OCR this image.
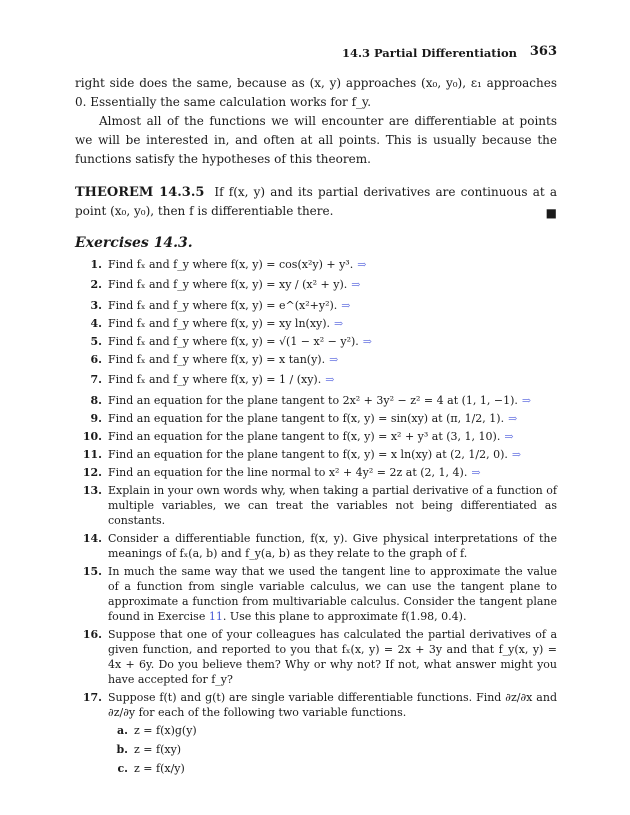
14.3 Partial Differentiation 363

right side does the same, because as (x, y) approaches (x₀, y₀), ε₁ approaches 0. Essentially the same calculation works for f_y.

Almost all of the functions we will encounter are differentiable at points we will be interested in, and often at all points. This is usually because the functions satisfy the hypotheses of this theorem.

THEOREM 14.3.5 If f(x, y) and its partial derivatives are continuous at a point (x₀, y₀), then f is differentiable there.	■
Exercises 14.3.
1. Find fₓ and f_y where f(x, y) = cos(x²y) + y³. ⇒
2. Find fₓ and f_y where f(x, y) = xy / (x² + y). ⇒
3. Find fₓ and f_y where f(x, y) = e^(x²+y²). ⇒
4. Find fₓ and f_y where f(x, y) = xy ln(xy). ⇒
5. Find fₓ and f_y where f(x, y) = √(1 − x² − y²). ⇒
6. Find fₓ and f_y where f(x, y) = x tan(y). ⇒
7. Find fₓ and f_y where f(x, y) = 1 / (xy). ⇒
8. Find an equation for the plane tangent to 2x² + 3y² − z² = 4 at (1, 1, −1). ⇒
9. Find an equation for the plane tangent to f(x, y) = sin(xy) at (π, 1/2, 1). ⇒
10. Find an equation for the plane tangent to f(x, y) = x² + y³ at (3, 1, 10). ⇒
11. Find an equation for the plane tangent to f(x, y) = x ln(xy) at (2, 1/2, 0). ⇒
12. Find an equation for the line normal to x² + 4y² = 2z at (2, 1, 4). ⇒
13. Explain in your own words why, when taking a partial derivative of a function of multiple variables, we can treat the variables not being differentiated as constants.
14. Consider a differentiable function, f(x, y). Give physical interpretations of the meanings of fₓ(a, b) and f_y(a, b) as they relate to the graph of f.
15. In much the same way that we used the tangent line to approximate the value of a function from single variable calculus, we can use the tangent plane to approximate a function from multivariable calculus. Consider the tangent plane found in Exercise 11. Use this plane to approximate f(1.98, 0.4).
16. Suppose that one of your colleagues has calculated the partial derivatives of a given function, and reported to you that fₓ(x, y) = 2x + 3y and that f_y(x, y) = 4x + 6y. Do you believe them? Why or why not? If not, what answer might you have accepted for f_y?
17. Suppose f(t) and g(t) are single variable differentiable functions. Find ∂z/∂x and ∂z/∂y for each of the following two variable functions.
a. z = f(x)g(y)
b. z = f(xy)
c. z = f(x/y)
